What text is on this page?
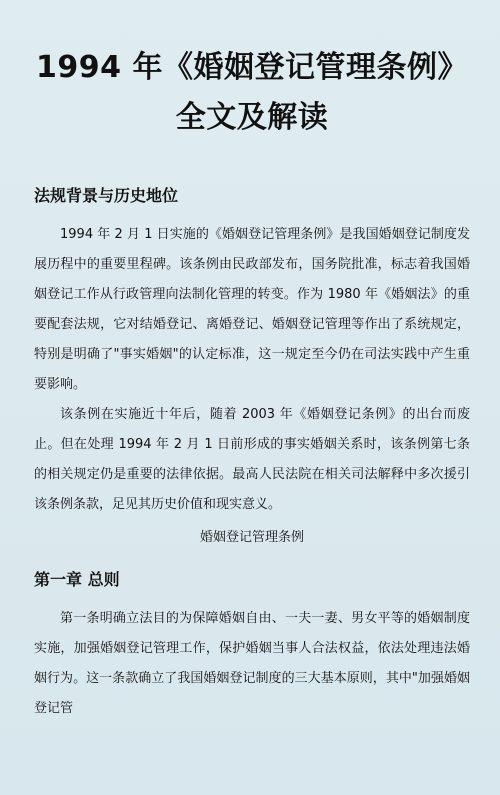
1994 年《婚姻登记管理条例》
全文及解读
法规背景与历史地位

1994 年 2 月 1 日实施的《婚姻登记管理条例》是我国婚姻登记制度发展历程中的重要里程碑。该条例由民政部发布，国务院批准，标志着我国婚姻登记工作从行政管理向法制化管理的转变。作为 1980 年《婚姻法》的重要配套法规，它对结婚登记、离婚登记、婚姻登记管理等作出了系统规定，特别是明确了"事实婚姻"的认定标准，这一规定至今仍在司法实践中产生重要影响。

该条例在实施近十年后，随着 2003 年《婚姻登记条例》的出台而废止。但在处理 1994 年 2 月 1 日前形成的事实婚姻关系时，该条例第七条的相关规定仍是重要的法律依据。最高人民法院在相关司法解释中多次援引该条例条款，足见其历史价值和现实意义。

婚姻登记管理条例

第一章 总则

第一条明确立法目的为保障婚姻自由、一夫一妻、男女平等的婚姻制度实施，加强婚姻登记管理工作，保护婚姻当事人合法权益，依法处理违法婚姻行为。这一条款确立了我国婚姻登记制度的三大基本原则，其中"加强婚姻登记管
